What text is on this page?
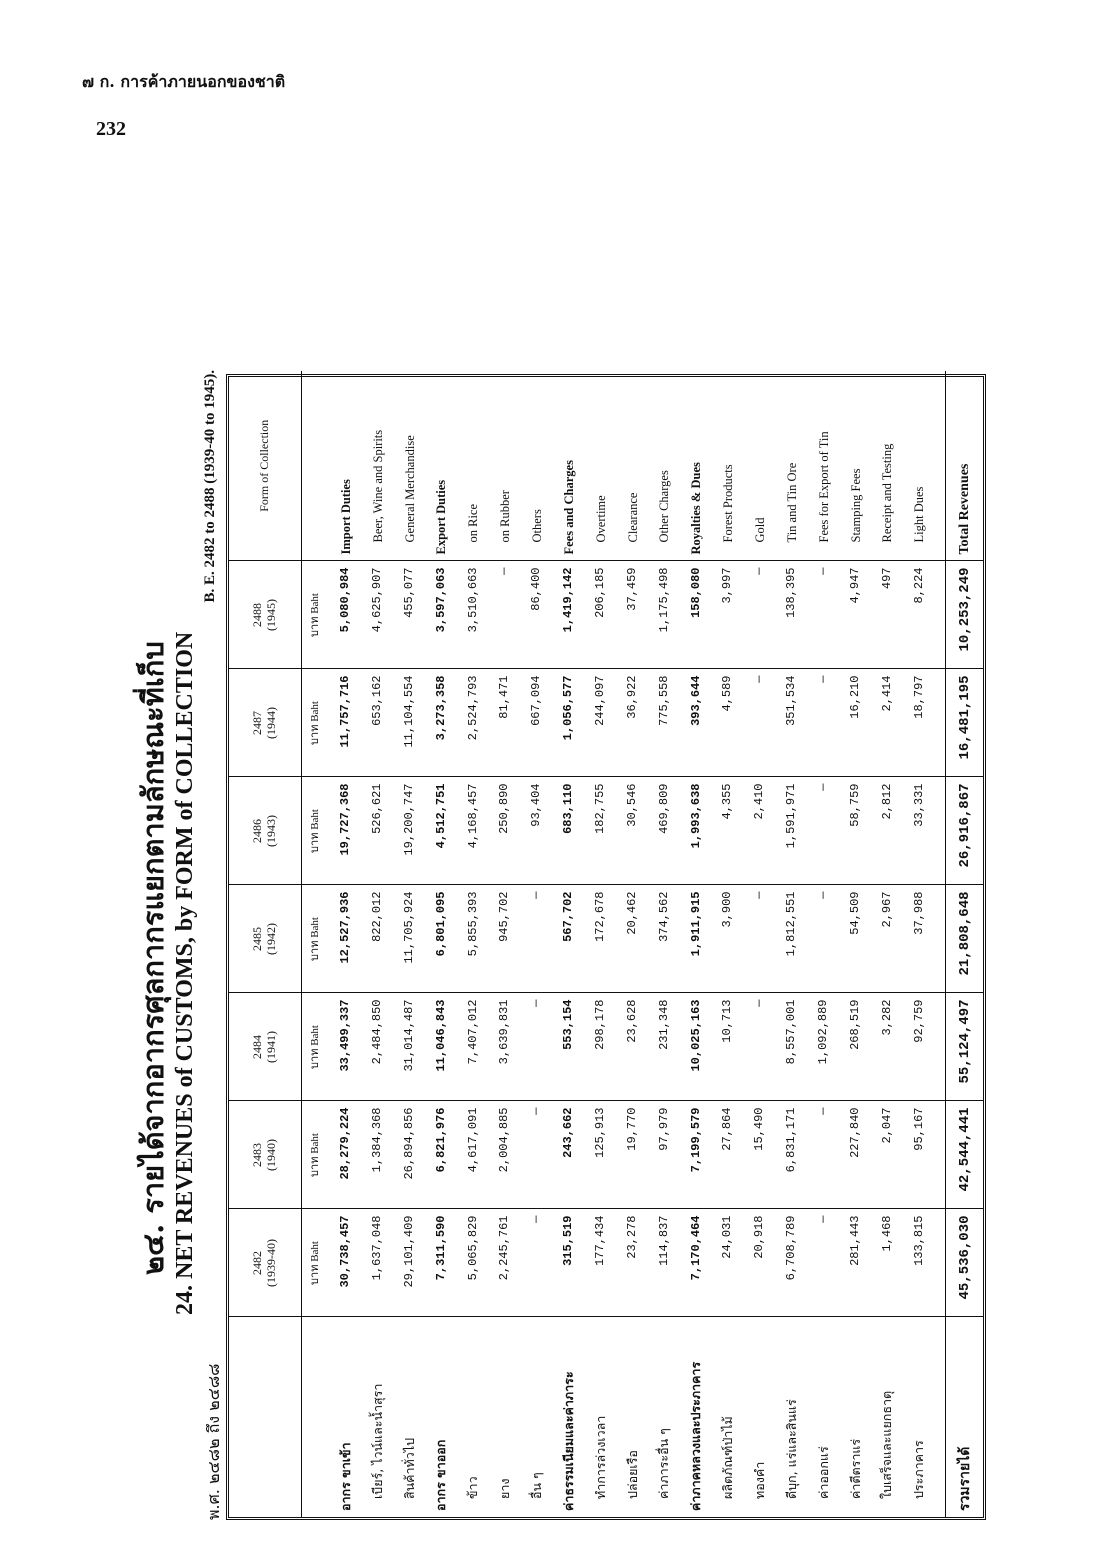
๗ ก. การค้าภายนอกของชาติ
232
๒๔. รายได้จากอากรศุลกากรแยกตามลักษณะที่เก็บ 24. NET REVENUES of CUSTOMS, by FORM of COLLECTION
พ.ศ. ๒๔๘๒ ถึง ๒๔๘๘
B. E. 2482 to 2488 (1939-40 to 1945).

	2482 (1939-40)	2483 (1940)	2484 (1941)	2485 (1942)	2486 (1943)	2487 (1944)	2488 (1945)	Form of Collection
	บาท Baht	บาท Baht	บาท Baht	บาท Baht	บาท Baht	บาท Baht	บาท Baht	
อากร ขาเข้า	30,738,457	28,279,224	33,499,337	12,527,936	19,727,368	11,757,716	5,080,984	Import Duties
เบียร์, ไวน์และน้ำสุรา	1,637,048	1,384,368	2,484,850	822,012	526,621	653,162	4,625,907	Beer, Wine and Spirits
สินค้าทั่วไป	29,101,409	26,894,856	31,014,487	11,705,924	19,200,747	11,104,554	455,077	General Merchandise
อากร ขาออก	7,311,590	6,821,976	11,046,843	6,801,095	4,512,751	3,273,358	3,597,063	Export Duties
ข้าว	5,065,829	4,617,091	7,407,012	5,855,393	4,168,457	2,524,793	3,510,663	on Rice
ยาง	2,245,761	2,004,885	3,639,831	945,702	250,890	81,471	—	on Rubber
อื่น ๆ	—	—	—	—	93,404	667,094	86,400	Others
ค่าธรรมเนียมและค่าภาระ	315,519	243,662	553,154	567,702	683,110	1,056,577	1,419,142	Fees and Charges
ทำการล่วงเวลา	177,434	125,913	298,178	172,678	182,755	244,097	206,185	Overtime
ปล่อยเรือ	23,278	19,770	23,628	20,462	30,546	36,922	37,459	Clearance
ค่าภาระอื่น ๆ	114,837	97,979	231,348	374,562	469,809	775,558	1,175,498	Other Charges
ค่าภาคหลวงและประภาคาร	7,170,464	7,199,579	10,025,163	1,911,915	1,993,638	393,644	158,080	Royalties & Dues
ผลิตภัณฑ์ป่าไม้	24,031	27,864	10,713	3,900	4,355	4,589	3,997	Forest Products
ทองคำ	20,918	15,490	—	—	2,410	—	—	Gold
ดีบุก, แร่และสินแร่	6,708,789	6,831,171	8,557,001	1,812,551	1,591,971	351,534	138,395	Tin and Tin Ore
ค่าออกแร่	—	—	1,092,889	—	—	—	—	Fees for Export of Tin
ค่าตีตราแร่	281,443	227,840	268,519	54,509	58,759	16,210	4,947	Stamping Fees
ใบเสร็จและแยกธาตุ	1,468	2,047	3,282	2,967	2,812	2,414	497	Receipt and Testing
ประภาคาร	133,815	95,167	92,759	37,988	33,331	18,797	8,224	Light Dues

รวมรายได้	45,536,030	42,544,441	55,124,497	21,808,648	26,916,867	16,481,195	10,253,249	Total Revenues
